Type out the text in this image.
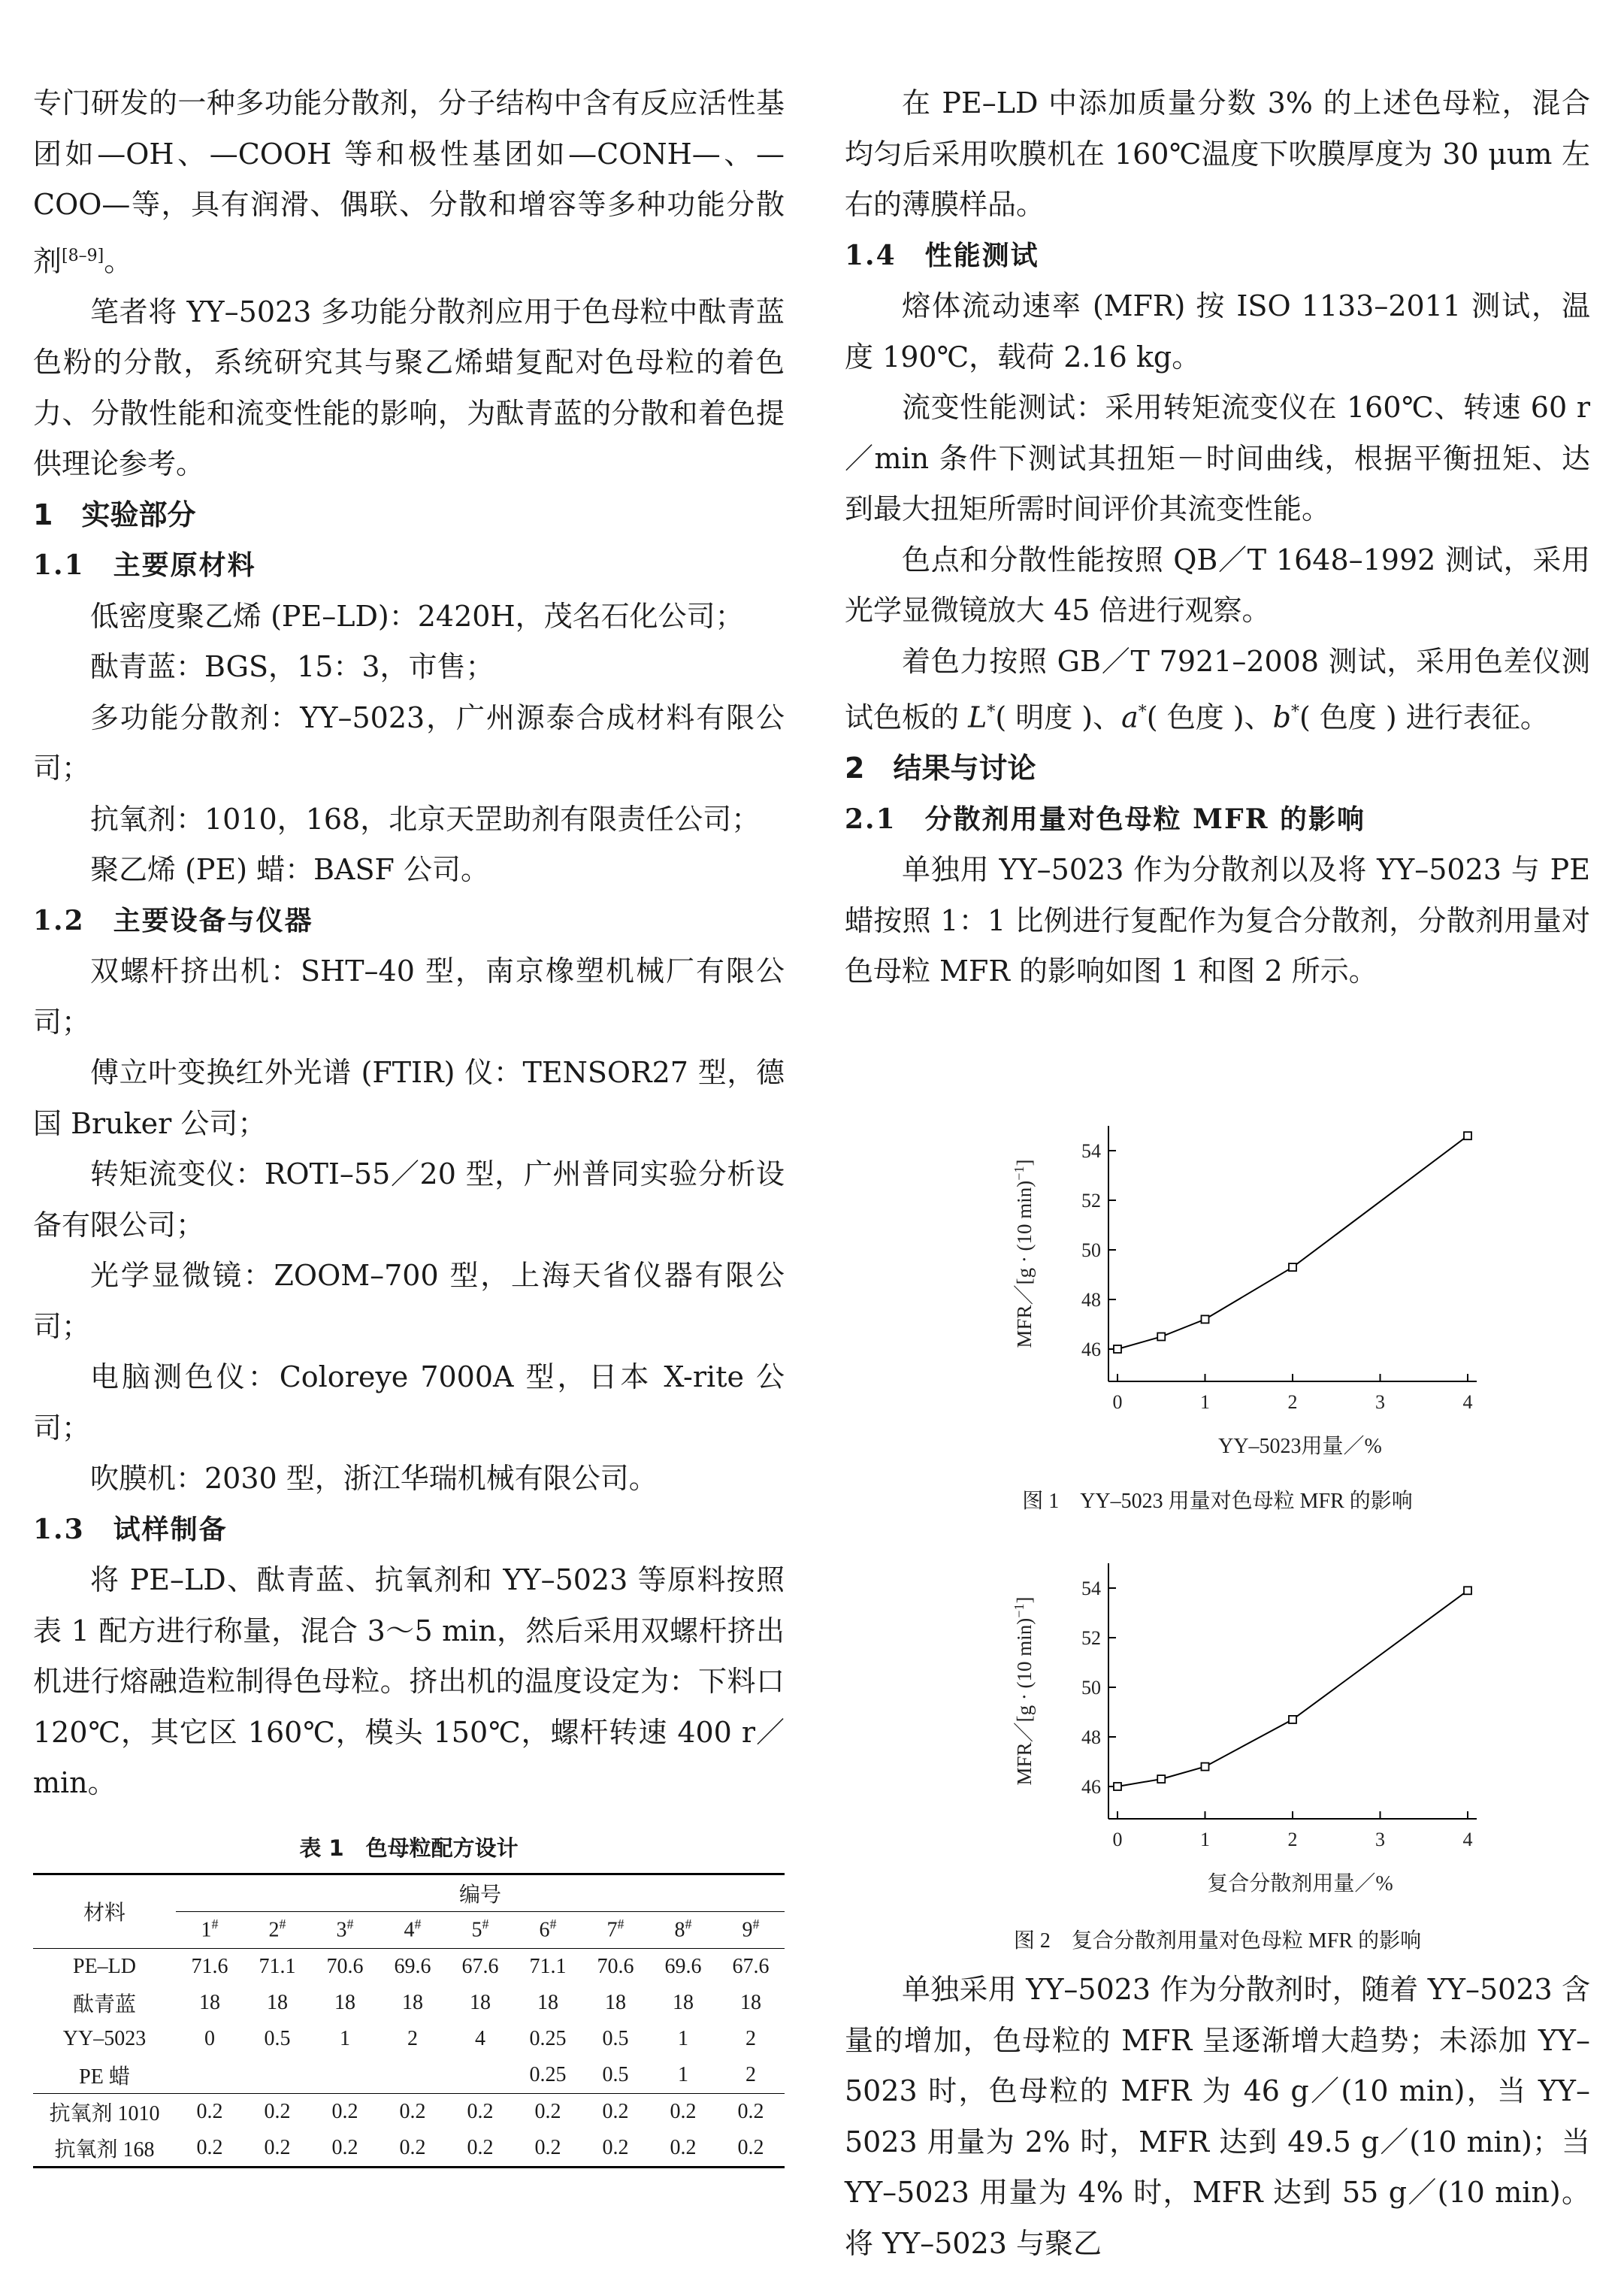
专门研发的一种多功能分散剂，分子结构中含有反应活性基团如—OH、—COOH 等和极性基团如—CONH—、—COO—等，具有润滑、偶联、分散和增容等多种功能分散剂[8–9]。

笔者将 YY–5023 多功能分散剂应用于色母粒中酞青蓝色粉的分散，系统研究其与聚乙烯蜡复配对色母粒的着色力、分散性能和流变性能的影响，为酞青蓝的分散和着色提供理论参考。

1　实验部分
1.1　主要原材料

低密度聚乙烯 (PE–LD)：2420H，茂名石化公司；

酞青蓝：BGS，15：3，市售；

多功能分散剂：YY–5023，广州源泰合成材料有限公司；

抗氧剂：1010，168，北京天罡助剂有限责任公司；

聚乙烯 (PE) 蜡：BASF 公司。

1.2　主要设备与仪器

双螺杆挤出机：SHT–40 型，南京橡塑机械厂有限公司；

傅立叶变换红外光谱 (FTIR) 仪：TENSOR27 型，德国 Bruker 公司；

转矩流变仪：ROTI–55／20 型，广州普同实验分析设备有限公司；

光学显微镜：ZOOM–700 型，上海天省仪器有限公司；

电脑测色仪：Coloreye 7000A 型，日本 X-rite 公司；

吹膜机：2030 型，浙江华瑞机械有限公司。

1.3　试样制备

将 PE–LD、酞青蓝、抗氧剂和 YY–5023 等原料按照表 1 配方进行称量，混合 3～5 min，然后采用双螺杆挤出机进行熔融造粒制得色母粒。挤出机的温度设定为：下料口 120℃，其它区 160℃，模头 150℃，螺杆转速 400 r／min。

表 1　色母粒配方设计
材料	编号								
	1#	2#	3#	4#	5#	6#	7#	8#	9#
PE–LD	71.6	71.1	70.6	69.6	67.6	71.1	70.6	69.6	67.6
酞青蓝	18	18	18	18	18	18	18	18	18
YY–5023	0	0.5	1	2	4	0.25	0.5	1	2
PE 蜡						0.25	0.5	1	2
抗氧剂 1010	0.2	0.2	0.2	0.2	0.2	0.2	0.2	0.2	0.2
抗氧剂 168	0.2	0.2	0.2	0.2	0.2	0.2	0.2	0.2	0.2

在 PE–LD 中添加质量分数 3% 的上述色母粒，混合均匀后采用吹膜机在 160℃温度下吹膜厚度为 30 μum 左右的薄膜样品。

1.4　性能测试

熔体流动速率 (MFR) 按 ISO 1133–2011 测试，温度 190℃，载荷 2.16 kg。

流变性能测试：采用转矩流变仪在 160℃、转速 60 r／min 条件下测试其扭矩－时间曲线，根据平衡扭矩、达到最大扭矩所需时间评价其流变性能。

色点和分散性能按照 QB／T 1648–1992 测试，采用光学显微镜放大 45 倍进行观察。

着色力按照 GB／T 7921–2008 测试，采用色差仪测试色板的 L*( 明度 )、a*( 色度 )、b*( 色度 ) 进行表征。

2　结果与讨论
2.1　分散剂用量对色母粒 MFR 的影响

单独用 YY–5023 作为分散剂以及将 YY–5023 与 PE 蜡按照 1：1 比例进行复配作为复合分散剂，分散剂用量对色母粒 MFR 的影响如图 1 和图 2 所示。

46
48
50
52
54
0	1	2	3	4
YY–5023用量／%
MFR／[g · (10 min)$^{-1}$]
图 1　YY–5023 用量对色母粒 MFR 的影响
46
48
50
52
54
0	1	2	3	4
复合分散剂用量／%
MFR／[g · (10 min)$^{-1}$]
图 2　复合分散剂用量对色母粒 MFR 的影响

单独采用 YY–5023 作为分散剂时，随着 YY–5023 含量的增加，色母粒的 MFR 呈逐渐增大趋势；未添加 YY–5023 时，色母粒的 MFR 为 46 g／(10 min)，当 YY–5023 用量为 2% 时，MFR 达到 49.5 g／(10 min)；当 YY–5023 用量为 4% 时，MFR 达到 55 g／(10 min)。将 YY–5023 与聚乙
